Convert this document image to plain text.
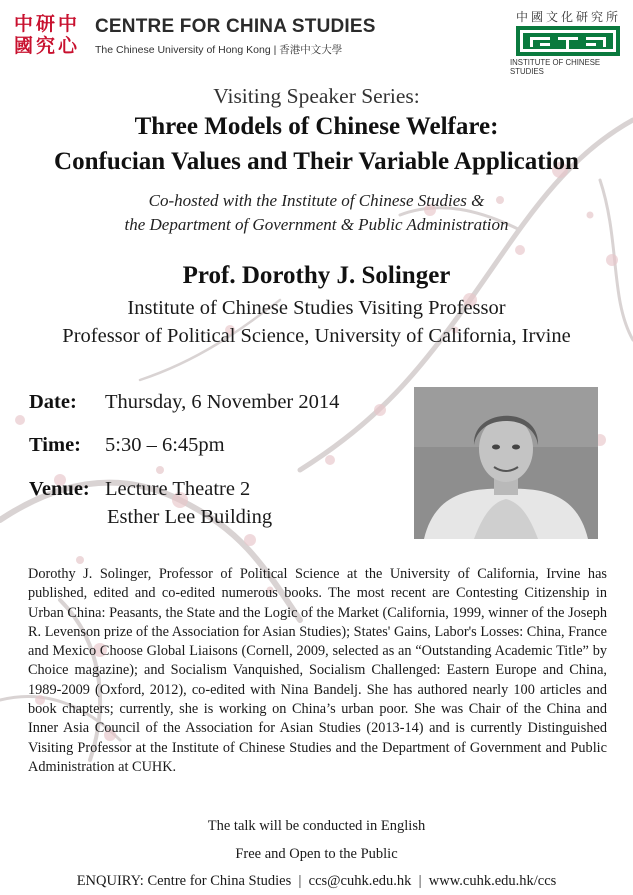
中 研
國 究
中
心
CENTRE FOR CHINA STUDIES
The Chinese University of Hong Kong | 香港中文大學
中國文化研究所
INSTITUTE OF CHINESE STUDIES
Visiting Speaker Series:
Three Models of Chinese Welfare:
Confucian Values and Their Variable Application
Co-hosted with the Institute of Chinese Studies &
the Department of Government & Public Administration
Prof. Dorothy J. Solinger
Institute of Chinese Studies Visiting Professor
Professor of Political Science, University of California, Irvine
Date: Thursday, 6 November 2014
Time: 5:30 – 6:45pm
Venue: Lecture Theatre 2
Esther Lee Building
Dorothy J. Solinger, Professor of Political Science at the University of California, Irvine has published, edited and co-edited numerous books. The most recent are Contesting Citizenship in Urban China: Peasants, the State and the Logic of the Market (California, 1999, winner of the Joseph R. Levenson prize of the Association for Asian Studies); States' Gains, Labor's Losses: China, France and Mexico Choose Global Liaisons (Cornell, 2009, selected as an “Outstanding Academic Title” by Choice magazine); and Socialism Vanquished, Socialism Challenged: Eastern Europe and China, 1989-2009 (Oxford, 2012), co-edited with Nina Bandelj. She has authored nearly 100 articles and book chapters; currently, she is working on China’s urban poor. She was Chair of the China and Inner Asia Council of the Association for Asian Studies (2013-14) and is currently Distinguished Visiting Professor at the Institute of Chinese Studies and the Department of Government and Public Administration at CUHK.
The talk will be conducted in English
Free and Open to the Public
ENQUIRY: Centre for China Studies | ccs@cuhk.edu.hk | www.cuhk.edu.hk/ccs
